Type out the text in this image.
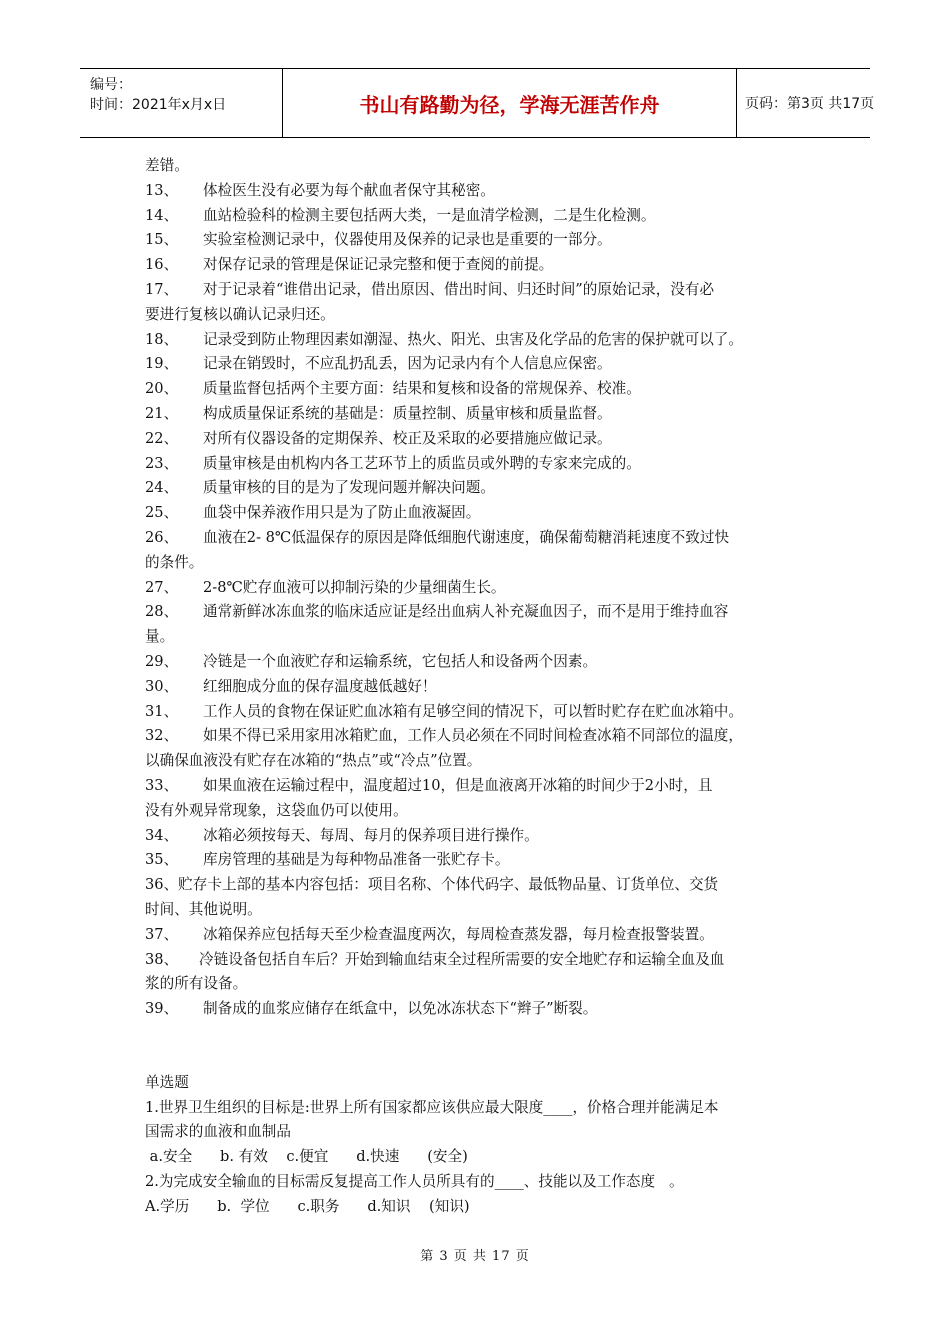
编号：
时间：2021年x月x日	书山有路勤为径，学海无涯苦作舟	页码：第3页 共17页
差错。
13、 体检医生没有必要为每个献血者保守其秘密。
14、 血站检验科的检测主要包括两大类，一是血清学检测，二是生化检测。
15、 实验室检测记录中，仪器使用及保养的记录也是重要的一部分。
16、 对保存记录的管理是保证记录完整和便于查阅的前提。
17、 对于记录着“谁借出记录，借出原因、借出时间、归还时间”的原始记录，没有必
要进行复核以确认记录归还。
18、 记录受到防止物理因素如潮湿、热火、阳光、虫害及化学品的危害的保护就可以了。
19、 记录在销毁时，不应乱扔乱丢，因为记录内有个人信息应保密。
20、 质量监督包括两个主要方面：结果和复核和设备的常规保养、校准。
21、 构成质量保证系统的基础是：质量控制、质量审核和质量监督。
22、 对所有仪器设备的定期保养、校正及采取的必要措施应做记录。
23、 质量审核是由机构内各工艺环节上的质监员或外聘的专家来完成的。
24、 质量审核的目的是为了发现问题并解决问题。
25、 血袋中保养液作用只是为了防止血液凝固。
26、 血液在2- 8℃低温保存的原因是降低细胞代谢速度，确保葡萄糖消耗速度不致过快
的条件。
27、 2-8℃贮存血液可以抑制污染的少量细菌生长。
28、 通常新鲜冰冻血浆的临床适应证是经出血病人补充凝血因子，而不是用于维持血容
量。
29、 冷链是一个血液贮存和运输系统，它包括人和设备两个因素。
30、 红细胞成分血的保存温度越低越好！
31、 工作人员的食物在保证贮血冰箱有足够空间的情况下，可以暂时贮存在贮血冰箱中。
32、 如果不得已采用家用冰箱贮血，工作人员必须在不同时间检查冰箱不同部位的温度，
以确保血液没有贮存在冰箱的“热点”或“冷点”位置。
33、 如果血液在运输过程中，温度超过10，但是血液离开冰箱的时间少于2小时，且
没有外观异常现象，这袋血仍可以使用。
34、 冰箱必须按每天、每周、每月的保养项目进行操作。
35、 库房管理的基础是为每种物品准备一张贮存卡。
36、贮存卡上部的基本内容包括：项目名称、个体代码字、最低物品量、订货单位、交货
时间、其他说明。
37、 冰箱保养应包括每天至少检查温度两次，每周检查蒸发器，每月检查报警装置。
38、 冷链设备包括自车后？开始到输血结束全过程所需要的安全地贮存和运输全血及血
浆的所有设备。
39、 制备成的血浆应储存在纸盒中，以免冰冻状态下“辫子”断裂。
单选题
1.世界卫生组织的目标是:世界上所有国家都应该供应最大限度____，价格合理并能满足本
国需求的血液和血制品
a.安全      b. 有效    c.便宜      d.快速      (安全)
2.为完成安全输血的目标需反复提高工作人员所具有的____、技能以及工作态度   。
A.学历      b.  学位      c.职务      d.知识    (知识)
第 3 页 共 17 页
